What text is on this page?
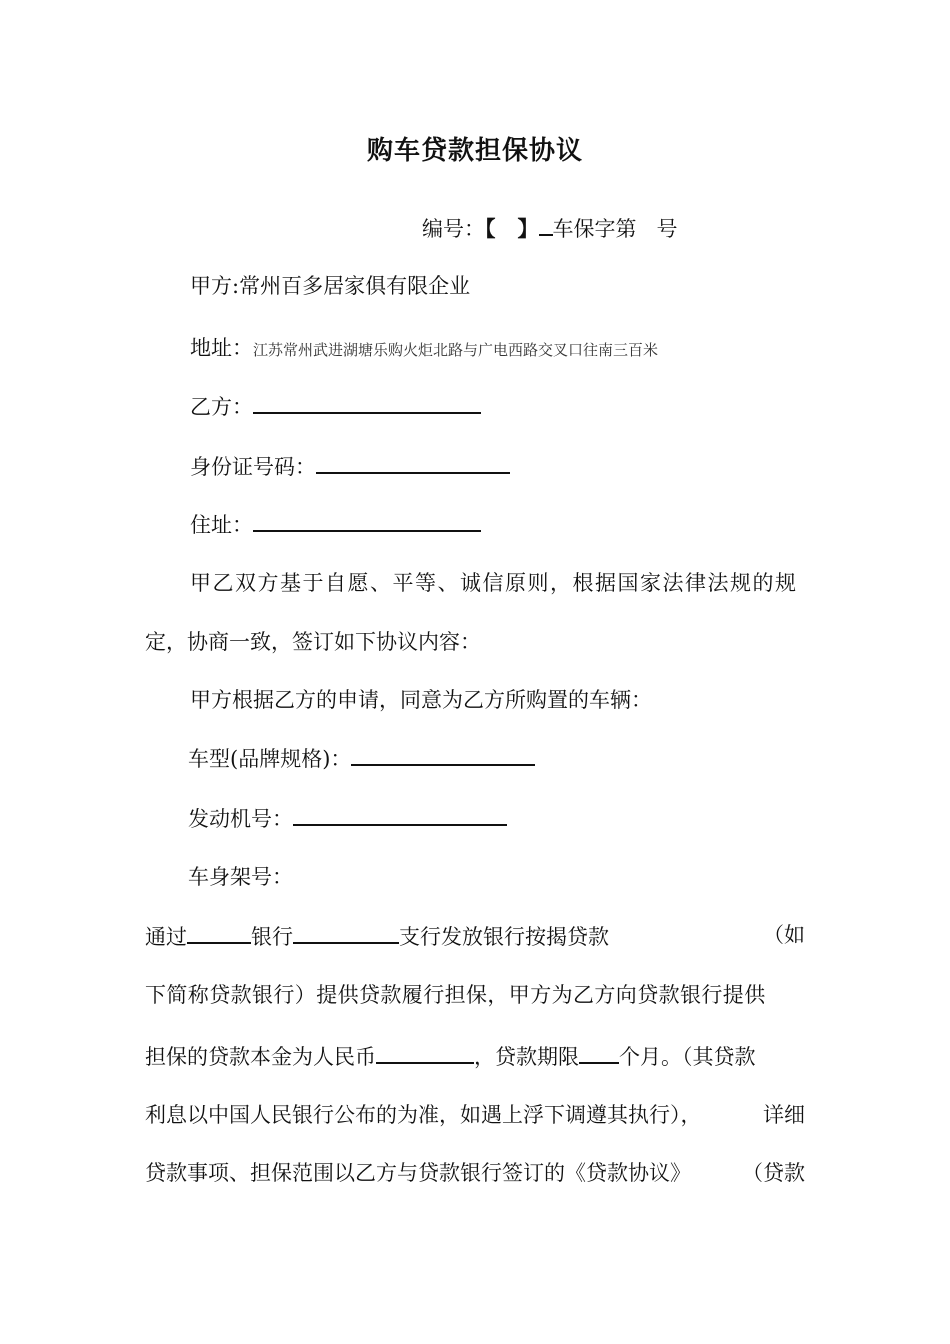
购车贷款担保协议
编号：【 】 车保字第 号
甲方:常州百多居家俱有限企业
地址：江苏常州武进湖塘乐购火炬北路与广电西路交叉口往南三百米
乙方：
身份证号码：
住址：
甲乙双方基于自愿、平等、诚信原则，根据国家法律法规的规
定，协商一致，签订如下协议内容：
甲方根据乙方的申请，同意为乙方所购置的车辆：
车型(品牌规格)：
发动机号：
车身架号：
通过	银行	支行发放银行按揭贷款	（如
下简称贷款银行）提供贷款履行担保，甲方为乙方向贷款银行提供
担保的贷款本金为人民币	，贷款期限 个月。（其贷款
利息以中国人民银行公布的为准，如遇上浮下调遵其执行），	详细
贷款事项、担保范围以乙方与贷款银行签订的《贷款协议》 （贷款
